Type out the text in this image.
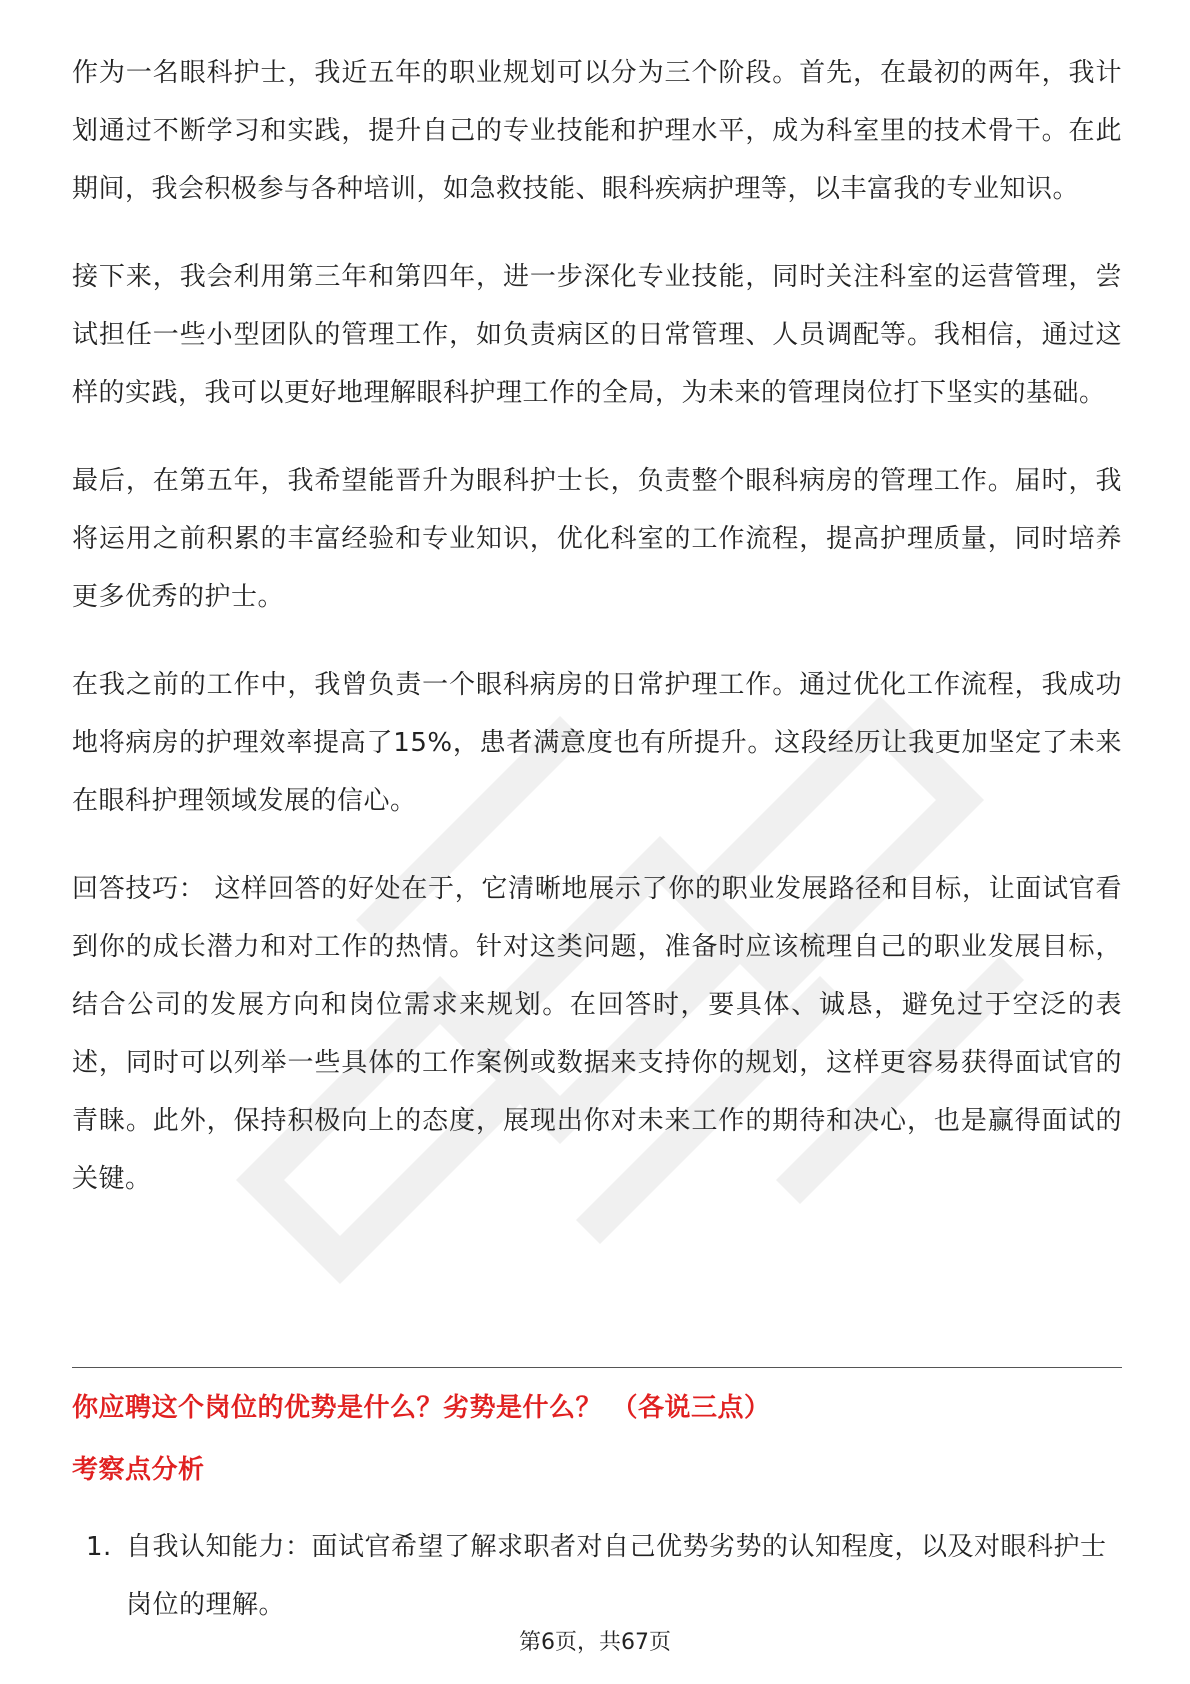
作为一名眼科护士，我近五年的职业规划可以分为三个阶段。首先，在最初的两年，我计划通过不断学习和实践，提升自己的专业技能和护理水平，成为科室里的技术骨干。在此期间，我会积极参与各种培训，如急救技能、眼科疾病护理等，以丰富我的专业知识。

接下来，我会利用第三年和第四年，进一步深化专业技能，同时关注科室的运营管理，尝试担任一些小型团队的管理工作，如负责病区的日常管理、人员调配等。我相信，通过这样的实践，我可以更好地理解眼科护理工作的全局，为未来的管理岗位打下坚实的基础。

最后，在第五年，我希望能晋升为眼科护士长，负责整个眼科病房的管理工作。届时，我将运用之前积累的丰富经验和专业知识，优化科室的工作流程，提高护理质量，同时培养更多优秀的护士。

在我之前的工作中，我曾负责一个眼科病房的日常护理工作。通过优化工作流程，我成功地将病房的护理效率提高了15%，患者满意度也有所提升。这段经历让我更加坚定了未来在眼科护理领域发展的信心。

回答技巧： 这样回答的好处在于，它清晰地展示了你的职业发展路径和目标，让面试官看到你的成长潜力和对工作的热情。针对这类问题，准备时应该梳理自己的职业发展目标，结合公司的发展方向和岗位需求来规划。在回答时，要具体、诚恳，避免过于空泛的表述，同时可以列举一些具体的工作案例或数据来支持你的规划，这样更容易获得面试官的青睐。此外，保持积极向上的态度，展现出你对未来工作的期待和决心，也是赢得面试的关键。

你应聘这个岗位的优势是什么？劣势是什么？ （各说三点）
考察点分析
1. 自我认知能力：面试官希望了解求职者对自己优势劣势的认知程度，以及对眼科护士岗位的理解。
第6页，共67页
